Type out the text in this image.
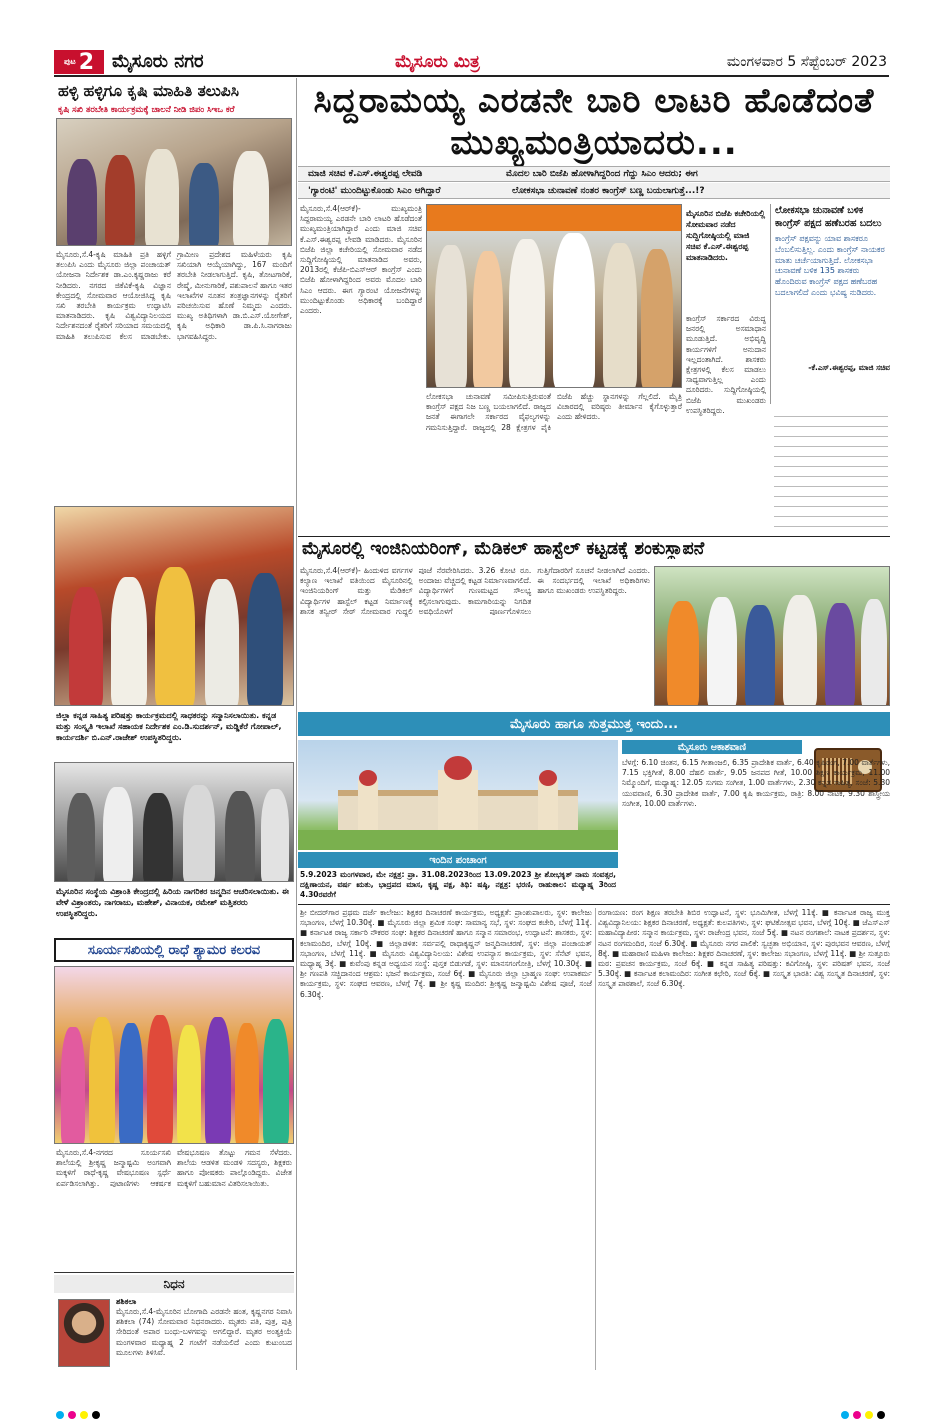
ಪುಟ 2 ಮೈಸೂರು ನಗರ	ಮೈಸೂರು ಮಿತ್ರ	ಮಂಗಳವಾರ 5 ಸೆಪ್ಟೆಂಬರ್ 2023
ಹಳ್ಳಿ ಹಳ್ಳಿಗೂ ಕೃಷಿ ಮಾಹಿತಿ ತಲುಪಿಸಿ
ಕೃಷಿ ಸಖಿ ತರಬೇತಿ ಕಾರ್ಯಕ್ರಮಕ್ಕೆ ಚಾಲನೆ ನೀಡಿ ಜಿಪಂ ಸಿಇಒ ಕರೆ
ಮೈಸೂರು,ಸೆ.4-ಕೃಷಿ ಮಾಹಿತಿ ಪ್ರತಿ ಹಳ್ಳಿಗೆ ತಲುಪಿಸಿ ಎಂದು ಮೈಸೂರು ಜಿಲ್ಲಾ ಪಂಚಾಯತ್ ಯೋಜನಾ ನಿರ್ದೇಶಕ ಡಾ.ಎಂ.ಕೃಷ್ಣರಾಜು ಕರೆ ನೀಡಿದರು. ನಗರದ ಜಿಕೆವಿಕೆ-ಕೃಷಿ ವಿಜ್ಞಾನ ಕೇಂದ್ರದಲ್ಲಿ ಸೋಮವಾರ ಆಯೋಜಿಸಿದ್ದ ಕೃಷಿ ಸಖಿ ತರಬೇತಿ ಕಾರ್ಯಕ್ರಮ ಉದ್ಘಾಟಿಸಿ ಮಾತನಾಡಿದರು. ಕೃಷಿ ವಿಶ್ವವಿದ್ಯಾನಿಲಯದ ನಿರ್ದೇಶನದಂತೆ ರೈತರಿಗೆ ಸರಿಯಾದ ಸಮಯದಲ್ಲಿ ಮಾಹಿತಿ ತಲುಪಿಸುವ ಕೆಲಸ ಮಾಡಬೇಕು. ಗ್ರಾಮೀಣ ಪ್ರದೇಶದ ಮಹಿಳೆಯರು ಕೃಷಿ ಸಖಿಯಾಗಿ ಆಯ್ಕೆಯಾಗಿದ್ದು, 167 ಮಂದಿಗೆ ತರಬೇತಿ ನೀಡಲಾಗುತ್ತಿದೆ. ಕೃಷಿ, ತೋಟಗಾರಿಕೆ, ರೇಷ್ಮೆ, ಮೀನುಗಾರಿಕೆ, ಪಶುಪಾಲನೆ ಹಾಗೂ ಇತರ ಇಲಾಖೆಗಳ ನೂತನ ತಂತ್ರಜ್ಞಾನಗಳನ್ನು ರೈತರಿಗೆ ಪರಿಚಯಿಸುವ ಹೊಣೆ ನಿಮ್ಮದು ಎಂದರು. ಮುಖ್ಯ ಅತಿಥಿಗಳಾಗಿ ಡಾ.ಬಿ.ಎಸ್.ಯೋಗೇಶ್, ಕೃಷಿ ಅಧಿಕಾರಿ ಡಾ.ಪಿ.ಸಿ.ನಾಗರಾಜು ಭಾಗವಹಿಸಿದ್ದರು.
ಸಿದ್ದರಾಮಯ್ಯ ಎರಡನೇ ಬಾರಿ ಲಾಟರಿ ಹೊಡೆದಂತೆ ಮುಖ್ಯಮಂತ್ರಿಯಾದರು...
ಮಾಜಿ ಸಚಿವ ಕೆ.ಎಸ್.ಈಶ್ವರಪ್ಪ ಲೇವಡಿ	ಮೊದಲ ಬಾರಿ ಬಿಜೆಪಿ ಹೋಳಾಗಿದ್ದರಿಂದ ಗೆದ್ದು ಸಿಎಂ ಆದರು; ಈಗ
'ಗ್ಯಾರಂಟಿ' ಮುಂದಿಟ್ಟುಕೊಂಡು ಸಿಎಂ ಆಗಿದ್ದಾರೆ	ಲೋಕಸಭಾ ಚುನಾವಣೆ ನಂತರ ಕಾಂಗ್ರೆಸ್ ಬಣ್ಣ ಬಯಲಾಗುತ್ತೆ...!?
ಮೈಸೂರು,ಸೆ.4(ಆರ್‌ಕೆ)- ಮುಖ್ಯಮಂತ್ರಿ ಸಿದ್ದರಾಮಯ್ಯ ಎರಡನೇ ಬಾರಿ ಲಾಟರಿ ಹೊಡೆದಂತೆ ಮುಖ್ಯಮಂತ್ರಿಯಾಗಿದ್ದಾರೆ ಎಂದು ಮಾಜಿ ಸಚಿವ ಕೆ.ಎಸ್.ಈಶ್ವರಪ್ಪ ಲೇವಡಿ ಮಾಡಿದರು. ಮೈಸೂರಿನ ಬಿಜೆಪಿ ಜಿಲ್ಲಾ ಕಚೇರಿಯಲ್ಲಿ ಸೋಮವಾರ ನಡೆದ ಸುದ್ದಿಗೋಷ್ಠಿಯಲ್ಲಿ ಮಾತನಾಡಿದ ಅವರು, 2013ರಲ್ಲಿ ಕೆಜೆಪಿ-ಬಿಎಸ್ಆರ್ ಕಾಂಗ್ರೆಸ್ ಎಂದು ಬಿಜೆಪಿ ಹೋಳಾಗಿದ್ದರಿಂದ ಅವರು ಮೊದಲ ಬಾರಿ ಸಿಎಂ ಆದರು. ಈಗ ಗ್ಯಾರಂಟಿ ಯೋಜನೆಗಳನ್ನು ಮುಂದಿಟ್ಟುಕೊಂಡು ಅಧಿಕಾರಕ್ಕೆ ಬಂದಿದ್ದಾರೆ ಎಂದರು.
ಮೈಸೂರಿನ ಬಿಜೆಪಿ ಕಚೇರಿಯಲ್ಲಿ ಸೋಮವಾರ ನಡೆದ ಸುದ್ದಿಗೋಷ್ಠಿಯಲ್ಲಿ ಮಾಜಿ ಸಚಿವ ಕೆ.ಎಸ್.ಈಶ್ವರಪ್ಪ ಮಾತನಾಡಿದರು.
ಲೋಕಸಭಾ ಚುನಾವಣೆ ಸಮೀಪಿಸುತ್ತಿರುವಂತೆ ಕಾಂಗ್ರೆಸ್ ಪಕ್ಷದ ನಿಜ ಬಣ್ಣ ಬಯಲಾಗಲಿದೆ. ರಾಜ್ಯದ ಜನತೆ ಈಗಾಗಲೇ ಸರ್ಕಾರದ ವೈಫಲ್ಯಗಳನ್ನು ಗಮನಿಸುತ್ತಿದ್ದಾರೆ. ರಾಜ್ಯದಲ್ಲಿ 28 ಕ್ಷೇತ್ರಗಳ ಪೈಕಿ ಬಿಜೆಪಿ ಹೆಚ್ಚು ಸ್ಥಾನಗಳನ್ನು ಗೆಲ್ಲಲಿದೆ. ಮೈತ್ರಿ ವಿಚಾರದಲ್ಲಿ ವರಿಷ್ಠರು ತೀರ್ಮಾನ ಕೈಗೊಳ್ಳುತ್ತಾರೆ ಎಂದು ಹೇಳಿದರು.
ಕಾಂಗ್ರೆಸ್ ಸರ್ಕಾರದ ವಿರುದ್ಧ ಜನರಲ್ಲಿ ಅಸಮಾಧಾನ ಮೂಡುತ್ತಿದೆ. ಅಭಿವೃದ್ಧಿ ಕಾರ್ಯಗಳಿಗೆ ಅನುದಾನ ಇಲ್ಲದಂತಾಗಿದೆ. ಶಾಸಕರು ಕ್ಷೇತ್ರಗಳಲ್ಲಿ ಕೆಲಸ ಮಾಡಲು ಸಾಧ್ಯವಾಗುತ್ತಿಲ್ಲ ಎಂದು ದೂರಿದರು. ಸುದ್ದಿಗೋಷ್ಠಿಯಲ್ಲಿ ಬಿಜೆಪಿ ಮುಖಂಡರು ಉಪಸ್ಥಿತರಿದ್ದರು.
ಲೋಕಸಭಾ ಚುನಾವಣೆ ಬಳಿಕ ಕಾಂಗ್ರೆಸ್ ಪಕ್ಷದ ಹಣೆಬರಹ ಬದಲು
ಕಾಂಗ್ರೆಸ್ ಪಕ್ಷವನ್ನು ಯಾವ ಶಾಸಕರೂ ಬೆಂಬಲಿಸುತ್ತಿಲ್ಲ. ಎಂದು ಕಾಂಗ್ರೆಸ್ ನಾಯಕರ ಮಾತು ಚರ್ಚೆಯಾಗುತ್ತಿದೆ. ಲೋಕಸಭಾ ಚುನಾವಣೆ ಬಳಿಕ 135 ಶಾಸಕರು ಹೊಂದಿರುವ ಕಾಂಗ್ರೆಸ್ ಪಕ್ಷದ ಹಣೆಬರಹ ಬದಲಾಗಲಿದೆ ಎಂದು ಭವಿಷ್ಯ ನುಡಿದರು.
-ಕೆ.ಎಸ್.ಈಶ್ವರಪ್ಪ, ಮಾಜಿ ಸಚಿವ
ಜಿಲ್ಲಾ ಕನ್ನಡ ಸಾಹಿತ್ಯ ಪರಿಷತ್ತು ಕಾರ್ಯಕ್ರಮದಲ್ಲಿ ಸಾಧಕರನ್ನು ಸನ್ಮಾನಿಸಲಾಯಿತು. ಕನ್ನಡ ಮತ್ತು ಸಂಸ್ಕೃತಿ ಇಲಾಖೆ ಸಹಾಯಕ ನಿರ್ದೇಶಕ ಎಂ.ಡಿ.ಸುದರ್ಶನ್, ಮಡ್ಡಿಕೆರೆ ಗೋಪಾಲ್, ಕಾರ್ಯದರ್ಶಿ ಬಿ.ಎನ್.ರಾಜೇಶ್ ಉಪಸ್ಥಿತರಿದ್ದರು.
ಮೈಸೂರಿನ ಸಂಸ್ಥೆಯ ವಿಶ್ರಾಂತಿ ಕೇಂದ್ರದಲ್ಲಿ ಹಿರಿಯ ನಾಗರಿಕರ ಜನ್ಮದಿನ ಆಚರಿಸಲಾಯಿತು. ಈ ವೇಳೆ ವಿಶ್ರಾಂತರು, ನಾಗರಾಜು, ಮಹೇಶ್, ವಿನಾಯಕ, ರಮೇಶ್ ಮತ್ತಿತರರು ಉಪಸ್ಥಿತರಿದ್ದರು.
ಸೂರ್ಯಸಖಿಯಲ್ಲಿ ರಾಧೆ ಶ್ಯಾಮರ ಕಲರವ
ಮೈಸೂರು,ಸೆ.4-ನಗರದ ಸೂರ್ಯಸಖಿ ಶಾಲೆಯಲ್ಲಿ ಶ್ರೀಕೃಷ್ಣ ಜನ್ಮಾಷ್ಟಮಿ ಅಂಗವಾಗಿ ಮಕ್ಕಳಿಗೆ ರಾಧೆ-ಕೃಷ್ಣ ವೇಷಭೂಷಣ ಸ್ಪರ್ಧೆ ಏರ್ಪಡಿಸಲಾಗಿತ್ತು. ಪುಟಾಣಿಗಳು ಆಕರ್ಷಕ ವೇಷಭೂಷಣ ತೊಟ್ಟು ಗಮನ ಸೆಳೆದರು. ಶಾಲೆಯ ಆಡಳಿತ ಮಂಡಳಿ ಸದಸ್ಯರು, ಶಿಕ್ಷಕರು ಹಾಗೂ ಪೋಷಕರು ಪಾಲ್ಗೊಂಡಿದ್ದರು. ವಿಜೇತ ಮಕ್ಕಳಿಗೆ ಬಹುಮಾನ ವಿತರಿಸಲಾಯಿತು.
ನಿಧನ
ಶಶಿಕಲಾ
ಮೈಸೂರು,ಸೆ.4-ಮೈಸೂರಿನ ಬೋಗಾದಿ ಎರಡನೇ ಹಂತ, ಕೃಷ್ಣನಗರ ನಿವಾಸಿ ಶಶಿಕಲಾ (74) ಸೋಮವಾರ ನಿಧನರಾದರು. ಮೃತರು ಪತಿ, ಪುತ್ರ, ಪುತ್ರಿ ಸೇರಿದಂತೆ ಅಪಾರ ಬಂಧು-ಬಳಗವನ್ನು ಅಗಲಿದ್ದಾರೆ. ಮೃತರ ಅಂತ್ಯಕ್ರಿಯೆ ಮಂಗಳವಾರ ಮಧ್ಯಾಹ್ನ 2 ಗಂಟೆಗೆ ನಡೆಯಲಿದೆ ಎಂದು ಕುಟುಂಬದ ಮೂಲಗಳು ತಿಳಿಸಿವೆ.
ಮೈಸೂರಲ್ಲಿ ಇಂಜಿನಿಯರಿಂಗ್, ಮೆಡಿಕಲ್ ಹಾಸ್ಟೆಲ್ ಕಟ್ಟಡಕ್ಕೆ ಶಂಕುಸ್ಥಾಪನೆ
ಮೈಸೂರು,ಸೆ.4(ಆರ್‌ಕೆ)- ಹಿಂದುಳಿದ ವರ್ಗಗಳ ಕಲ್ಯಾಣ ಇಲಾಖೆ ವತಿಯಿಂದ ಮೈಸೂರಿನಲ್ಲಿ ಇಂಜಿನಿಯರಿಂಗ್ ಮತ್ತು ಮೆಡಿಕಲ್ ವಿದ್ಯಾರ್ಥಿಗಳ ಹಾಸ್ಟೆಲ್ ಕಟ್ಟಡ ನಿರ್ಮಾಣಕ್ಕೆ ಶಾಸಕ ತನ್ವೀರ್ ಸೇಠ್ ಸೋಮವಾರ ಗುದ್ದಲಿ ಪೂಜೆ ನೆರವೇರಿಸಿದರು. 3.26 ಕೋಟಿ ರೂ. ಅಂದಾಜು ವೆಚ್ಚದಲ್ಲಿ ಕಟ್ಟಡ ನಿರ್ಮಾಣವಾಗಲಿದೆ. ವಿದ್ಯಾರ್ಥಿಗಳಿಗೆ ಗುಣಮಟ್ಟದ ಸೌಲಭ್ಯ ಕಲ್ಪಿಸಲಾಗುವುದು. ಕಾಮಗಾರಿಯನ್ನು ನಿಗದಿತ ಅವಧಿಯೊಳಗೆ ಪೂರ್ಣಗೊಳಿಸಲು ಗುತ್ತಿಗೆದಾರರಿಗೆ ಸೂಚನೆ ನೀಡಲಾಗಿದೆ ಎಂದರು. ಈ ಸಂದರ್ಭದಲ್ಲಿ ಇಲಾಖೆ ಅಧಿಕಾರಿಗಳು ಹಾಗೂ ಮುಖಂಡರು ಉಪಸ್ಥಿತರಿದ್ದರು.
ಮೈಸೂರು ಹಾಗೂ ಸುತ್ತಮುತ್ತ ಇಂದು...
ಇಂದಿನ ಪಂಚಾಂಗ
5.9.2023 ಮಂಗಳವಾರ, ಮೇ ನಕ್ಷತ್ರ: ಪ್ರಾ. 31.08.2023ರಿಂದ 13.09.2023 ಶ್ರೀ ಶೋಭಕೃತ್ ನಾಮ ಸಂವತ್ಸರ, ದಕ್ಷಿಣಾಯನ, ವರ್ಷ ಋತು, ಭಾದ್ರಪದ ಮಾಸ, ಕೃಷ್ಣ ಪಕ್ಷ, ತಿಥಿ: ಷಷ್ಠಿ, ನಕ್ಷತ್ರ: ಭರಣಿ, ರಾಹುಕಾಲ: ಮಧ್ಯಾಹ್ನ 3ರಿಂದ 4.30ರವರೆಗೆ
ಮೈಸೂರು ಆಕಾಶವಾಣಿ
ಬೆಳಗ್ಗೆ: 6.10 ಚಿಂತನ, 6.15 ಗೀತಾಂಜಲಿ, 6.35 ಪ್ರಾದೇಶಿಕ ವಾರ್ತೆ, 6.40 ಕೃಷಿರಂಗ, 7.00 ವಾರ್ತೆಗಳು, 7.15 ಭಕ್ತಿಗೀತೆ, 8.00 ದೆಹಲಿ ವಾರ್ತೆ, 9.05 ಜನಪದ ಗೀತೆ, 10.00 ಶಿಕ್ಷಣ ಕಾರ್ಯಕ್ರಮ, 11.00 ನಿಮ್ಮೊಂದಿಗೆ, ಮಧ್ಯಾಹ್ನ: 12.05 ಸುಗಮ ಸಂಗೀತ, 1.00 ವಾರ್ತೆಗಳು, 2.30 ಕನ್ನಡ ಸಾಹಿತ್ಯ, ಸಂಜೆ: 5.30 ಯುವವಾಣಿ, 6.30 ಪ್ರಾದೇಶಿಕ ವಾರ್ತೆ, 7.00 ಕೃಷಿ ಕಾರ್ಯಕ್ರಮ, ರಾತ್ರಿ: 8.00 ನಾಟಕ, 9.30 ಶಾಸ್ತ್ರೀಯ ಸಂಗೀತ, 10.00 ವಾರ್ತೆಗಳು.
ಶ್ರೀ ಬೀದರ್‌ಗಾರ ಪ್ರಥಮ ದರ್ಜೆ ಕಾಲೇಜು: ಶಿಕ್ಷಕರ ದಿನಾಚರಣೆ ಕಾರ್ಯಕ್ರಮ, ಅಧ್ಯಕ್ಷತೆ: ಪ್ರಾಂಶುಪಾಲರು, ಸ್ಥಳ: ಕಾಲೇಜು ಸಭಾಂಗಣ, ಬೆಳಗ್ಗೆ 10.30ಕ್ಕೆ. ■ ಮೈಸೂರು ಜಿಲ್ಲಾ ಶ್ರಮಿಕ ಸಂಘ: ಸಾಮಾನ್ಯ ಸಭೆ, ಸ್ಥಳ: ಸಂಘದ ಕಚೇರಿ, ಬೆಳಗ್ಗೆ 11ಕ್ಕೆ. ■ ಕರ್ನಾಟಕ ರಾಜ್ಯ ಸರ್ಕಾರಿ ನೌಕರರ ಸಂಘ: ಶಿಕ್ಷಕರ ದಿನಾಚರಣೆ ಹಾಗೂ ಸನ್ಮಾನ ಸಮಾರಂಭ, ಉದ್ಘಾಟನೆ: ಶಾಸಕರು, ಸ್ಥಳ: ಕಲಾಮಂದಿರ, ಬೆಳಗ್ಗೆ 10ಕ್ಕೆ. ■ ಜಿಲ್ಲಾಡಳಿತ: ಸರ್ವಪಲ್ಲಿ ರಾಧಾಕೃಷ್ಣನ್ ಜನ್ಮದಿನಾಚರಣೆ, ಸ್ಥಳ: ಜಿಲ್ಲಾ ಪಂಚಾಯತ್ ಸಭಾಂಗಣ, ಬೆಳಗ್ಗೆ 11ಕ್ಕೆ. ■ ಮೈಸೂರು ವಿಶ್ವವಿದ್ಯಾನಿಲಯ: ವಿಶೇಷ ಉಪನ್ಯಾಸ ಕಾರ್ಯಕ್ರಮ, ಸ್ಥಳ: ಸೆನೆಟ್ ಭವನ, ಮಧ್ಯಾಹ್ನ 3ಕ್ಕೆ. ■ ಕುವೆಂಪು ಕನ್ನಡ ಅಧ್ಯಯನ ಸಂಸ್ಥೆ: ಪುಸ್ತಕ ಬಿಡುಗಡೆ, ಸ್ಥಳ: ಮಾನಸಗಂಗೋತ್ರಿ, ಬೆಳಗ್ಗೆ 10.30ಕ್ಕೆ. ■ ಶ್ರೀ ಗಣಪತಿ ಸಚ್ಚಿದಾನಂದ ಆಶ್ರಮ: ಭಜನೆ ಕಾರ್ಯಕ್ರಮ, ಸಂಜೆ 6ಕ್ಕೆ. ■ ಮೈಸೂರು ಜಿಲ್ಲಾ ಬ್ರಾಹ್ಮಣ ಸಂಘ: ಉಪಾಕರ್ಮ ಕಾರ್ಯಕ್ರಮ, ಸ್ಥಳ: ಸಂಘದ ಆವರಣ, ಬೆಳಗ್ಗೆ 7ಕ್ಕೆ. ■ ಶ್ರೀ ಕೃಷ್ಣ ಮಂದಿರ: ಶ್ರೀಕೃಷ್ಣ ಜನ್ಮಾಷ್ಟಮಿ ವಿಶೇಷ ಪೂಜೆ, ಸಂಜೆ 6.30ಕ್ಕೆ.
ರಂಗಾಯಣ: ರಂಗ ಶಿಕ್ಷಣ ತರಬೇತಿ ಶಿಬಿರ ಉದ್ಘಾಟನೆ, ಸ್ಥಳ: ಭೂಮಿಗೀತ, ಬೆಳಗ್ಗೆ 11ಕ್ಕೆ. ■ ಕರ್ನಾಟಕ ರಾಜ್ಯ ಮುಕ್ತ ವಿಶ್ವವಿದ್ಯಾನಿಲಯ: ಶಿಕ್ಷಕರ ದಿನಾಚರಣೆ, ಅಧ್ಯಕ್ಷತೆ: ಕುಲಪತಿಗಳು, ಸ್ಥಳ: ಘಟಿಕೋತ್ಸವ ಭವನ, ಬೆಳಗ್ಗೆ 10ಕ್ಕೆ. ■ ಜೆಎಸ್ಎಸ್ ಮಹಾವಿದ್ಯಾಪೀಠ: ಸನ್ಮಾನ ಕಾರ್ಯಕ್ರಮ, ಸ್ಥಳ: ರಾಜೇಂದ್ರ ಭವನ, ಸಂಜೆ 5ಕ್ಕೆ. ■ ನಟನ ರಂಗಶಾಲೆ: ನಾಟಕ ಪ್ರದರ್ಶನ, ಸ್ಥಳ: ನಟನ ರಂಗಮಂದಿರ, ಸಂಜೆ 6.30ಕ್ಕೆ. ■ ಮೈಸೂರು ನಗರ ಪಾಲಿಕೆ: ಸ್ವಚ್ಛತಾ ಅಭಿಯಾನ, ಸ್ಥಳ: ಪುರಭವನ ಆವರಣ, ಬೆಳಗ್ಗೆ 8ಕ್ಕೆ. ■ ಮಹಾರಾಣಿ ಮಹಿಳಾ ಕಾಲೇಜು: ಶಿಕ್ಷಕರ ದಿನಾಚರಣೆ, ಸ್ಥಳ: ಕಾಲೇಜು ಸಭಾಂಗಣ, ಬೆಳಗ್ಗೆ 11ಕ್ಕೆ. ■ ಶ್ರೀ ಸುತ್ತೂರು ಮಠ: ಪ್ರವಚನ ಕಾರ್ಯಕ್ರಮ, ಸಂಜೆ 6ಕ್ಕೆ. ■ ಕನ್ನಡ ಸಾಹಿತ್ಯ ಪರಿಷತ್ತು: ಕವಿಗೋಷ್ಠಿ, ಸ್ಥಳ: ಪರಿಷತ್ ಭವನ, ಸಂಜೆ 5.30ಕ್ಕೆ. ■ ಕರ್ನಾಟಕ ಕಲಾಮಂದಿರ: ಸಂಗೀತ ಕಛೇರಿ, ಸಂಜೆ 6ಕ್ಕೆ. ■ ಸಂಸ್ಕೃತ ಭಾರತಿ: ವಿಶ್ವ ಸಂಸ್ಕೃತ ದಿನಾಚರಣೆ, ಸ್ಥಳ: ಸಂಸ್ಕೃತ ಪಾಠಶಾಲೆ, ಸಂಜೆ 6.30ಕ್ಕೆ.
